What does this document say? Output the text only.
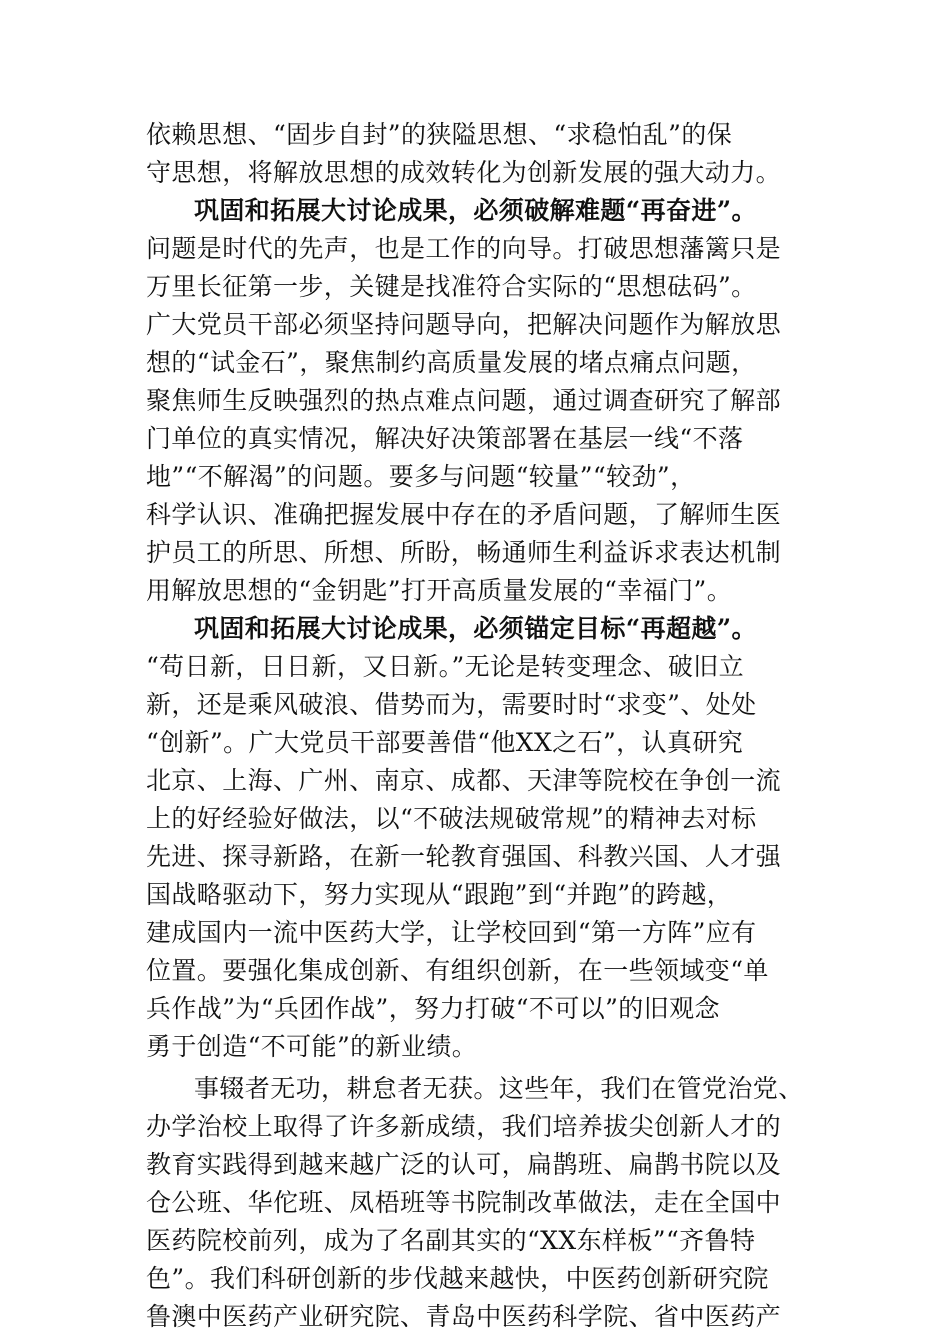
依赖思想、“固步自封”的狭隘思想、“求稳怕乱”的保
守思想，将解放思想的成效转化为创新发展的强大动力。
巩固和拓展大讨论成果，必须破解难题“再奋进”。
问题是时代的先声，也是工作的向导。打破思想藩篱只是
万里长征第一步，关键是找准符合实际的“思想砝码”。
广大党员干部必须坚持问题导向，把解决问题作为解放思
想的“试金石”，聚焦制约高质量发展的堵点痛点问题，
聚焦师生反映强烈的热点难点问题，通过调查研究了解部
门单位的真实情况，解决好决策部署在基层一线“不落
地”“不解渴”的问题。要多与问题“较量”“较劲”，
科学认识、准确把握发展中存在的矛盾问题，了解师生医
护员工的所思、所想、所盼，畅通师生利益诉求表达机制
用解放思想的“金钥匙”打开高质量发展的“幸福门”。
巩固和拓展大讨论成果，必须锚定目标“再超越”。
“苟日新，日日新，又日新。”无论是转变理念、破旧立
新，还是乘风破浪、借势而为，需要时时“求变”、处处
“创新”。广大党员干部要善借“他XX之石”，认真研究
北京、上海、广州、南京、成都、天津等院校在争创一流
上的好经验好做法，以“不破法规破常规”的精神去对标
先进、探寻新路，在新一轮教育强国、科教兴国、人才强
国战略驱动下，努力实现从“跟跑”到“并跑”的跨越，
建成国内一流中医药大学，让学校回到“第一方阵”应有
位置。要强化集成创新、有组织创新，在一些领域变“单
兵作战”为“兵团作战”，努力打破“不可以”的旧观念
勇于创造“不可能”的新业绩。
事辍者无功，耕怠者无获。这些年，我们在管党治党、
办学治校上取得了许多新成绩，我们培养拔尖创新人才的
教育实践得到越来越广泛的认可，扁鹊班、扁鹊书院以及
仓公班、华佗班、凤梧班等书院制改革做法，走在全国中
医药院校前列，成为了名副其实的“XX东样板”“齐鲁特
色”。我们科研创新的步伐越来越快，中医药创新研究院
鲁澳中医药产业研究院、青岛中医药科学院、省中医药产
